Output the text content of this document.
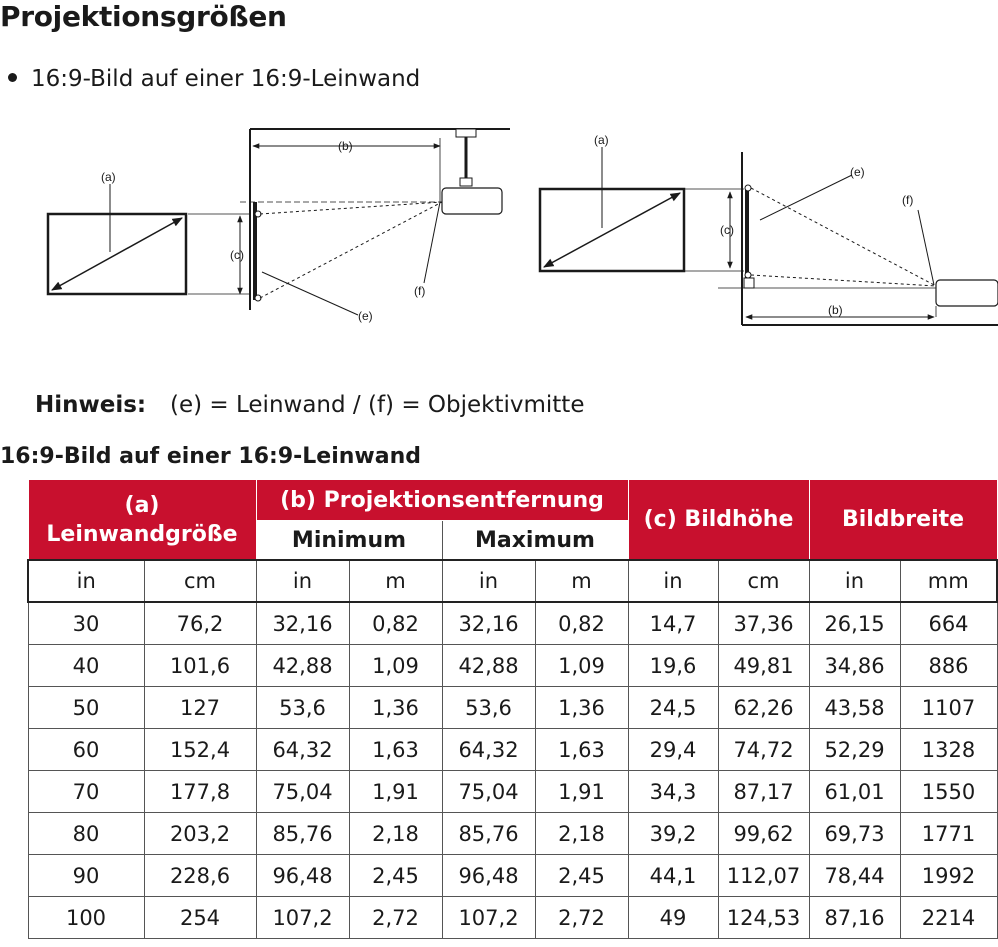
Projektionsgrößen
16:9-Bild auf einer 16:9-Leinwand
(a)
(b)
(c)
(e)
(f)
(a)
(c)
(b)
(e)
(f)
Hinweis: (e) = Leinwand / (f) = Objektivmitte
16:9-Bild auf einer 16:9-Leinwand
(a)
Leinwandgröße		(b) Projektionsentfernung				(c) Bildhöhe		Bildbreite	
		Minimum		Maximum					
in	cm	in	m	in	m	in	cm	in	mm
30	76,2	32,16	0,82	32,16	0,82	14,7	37,36	26,15	664
40	101,6	42,88	1,09	42,88	1,09	19,6	49,81	34,86	886
50	127	53,6	1,36	53,6	1,36	24,5	62,26	43,58	1107
60	152,4	64,32	1,63	64,32	1,63	29,4	74,72	52,29	1328
70	177,8	75,04	1,91	75,04	1,91	34,3	87,17	61,01	1550
80	203,2	85,76	2,18	85,76	2,18	39,2	99,62	69,73	1771
90	228,6	96,48	2,45	96,48	2,45	44,1	112,07	78,44	1992
100	254	107,2	2,72	107,2	2,72	49	124,53	87,16	2214
